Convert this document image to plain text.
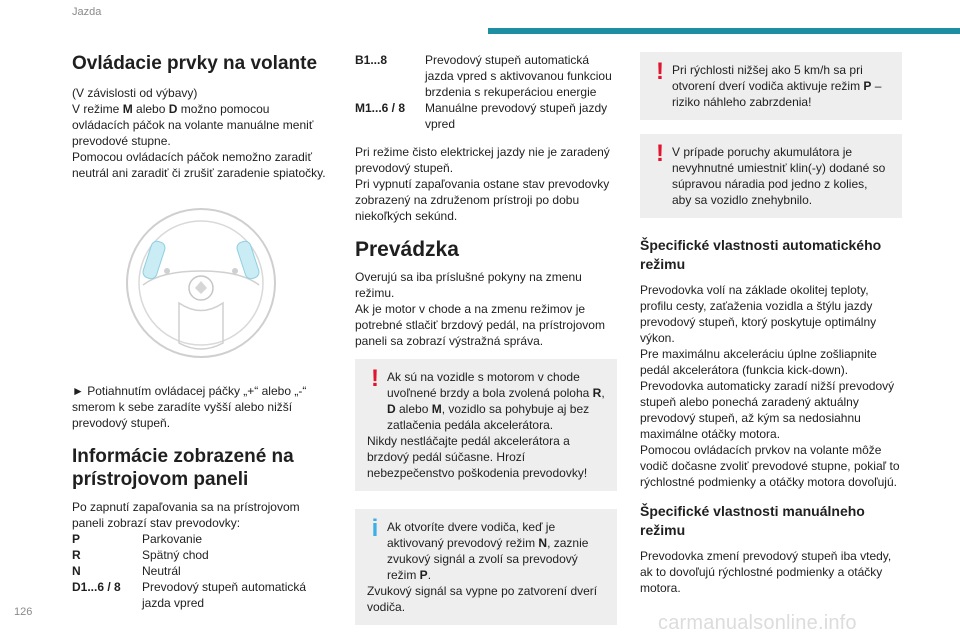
Jazda
Ovládacie prvky na volante

(V závislosti od výbavy)

V režime M alebo D možno pomocou ovládacích páčok na volante manuálne meniť prevodové stupne.

Pomocou ovládacích páčok nemožno zaradiť neutrál ani zaradiť či zrušiť zaradenie spiatočky.

► Potiahnutím ovládacej páčky „+“ alebo „-“ smerom k sebe zaradíte vyšší alebo nižší prevodový stupeň.

Informácie zobrazené na prístrojovom paneli

Po zapnutí zapaľovania sa na prístrojovom paneli zobrazí stav prevodovky:

P	Parkovanie
R	Spätný chod
N	Neutrál
D1...6 / 8	Prevodový stupeň automatická jazda vpred
B1...8	Prevodový stupeň automatická jazda vpred s aktivovanou funkciou brzdenia s rekuperáciou energie
M1...6 / 8	Manuálne prevodový stupeň jazdy vpred

Pri režime čisto elektrickej jazdy nie je zaradený prevodový stupeň.

Pri vypnutí zapaľovania ostane stav prevodovky zobrazený na združenom prístroji po dobu niekoľkých sekúnd.

Prevádzka

Overujú sa iba príslušné pokyny na zmenu režimu.

Ak je motor v chode a na zmenu režimov je potrebné stlačiť brzdový pedál, na prístrojovom paneli sa zobrazí výstražná správa.

! Ak sú na vozidle s motorom v chode uvoľnené brzdy a bola zvolená poloha R, D alebo M, vozidlo sa pohybuje aj bez zatlačenia pedála akcelerátora.

Nikdy nestláčajte pedál akcelerátora a brzdový pedál súčasne. Hrozí nebezpečenstvo poškodenia prevodovky!

i Ak otvoríte dvere vodiča, keď je aktivovaný prevodový režim N, zaznie zvukový signál a zvolí sa prevodový režim P.

Zvukový signál sa vypne po zatvorení dverí vodiča.

! Pri rýchlosti nižšej ako 5 km/h sa pri otvorení dverí vodiča aktivuje režim P – riziko náhleho zabrzdenia!

! V prípade poruchy akumulátora je nevyhnutné umiestniť klin(-y) dodané so súpravou náradia pod jedno z kolies, aby sa vozidlo znehybnilo.

Špecifické vlastnosti automatického režimu

Prevodovka volí na základe okolitej teploty, profilu cesty, zaťaženia vozidla a štýlu jazdy prevodový stupeň, ktorý poskytuje optimálny výkon.

Pre maximálnu akceleráciu úplne zošliapnite pedál akcelerátora (funkcia kick-down).

Prevodovka automaticky zaradí nižší prevodový stupeň alebo ponechá zaradený aktuálny prevodový stupeň, až kým sa nedosiahnu maximálne otáčky motora.

Pomocou ovládacích prvkov na volante môže vodič dočasne zvoliť prevodové stupne, pokiaľ to rýchlostné podmienky a otáčky motora dovoľujú.

Špecifické vlastnosti manuálneho režimu

Prevodovka zmení prevodový stupeň iba vtedy, ak to dovoľujú rýchlostné podmienky a otáčky motora.

126	carmanualsonline.info
